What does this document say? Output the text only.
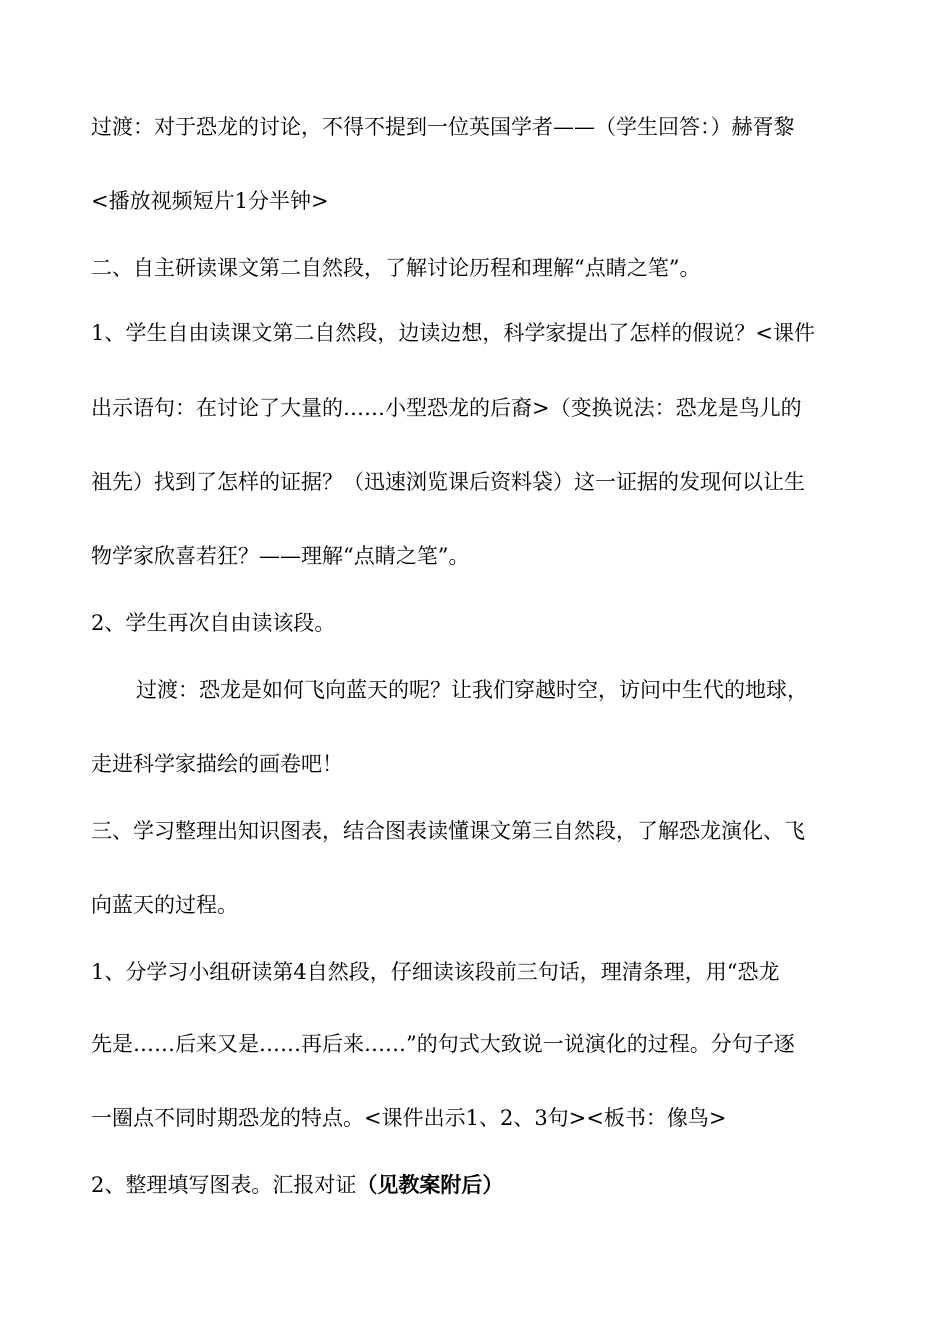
过渡：对于恐龙的讨论，不得不提到一位英国学者——（学生回答：）赫胥黎
<播放视频短片1分半钟>
二、自主研读课文第二自然段，了解讨论历程和理解“点睛之笔”。
1、学生自由读课文第二自然段，边读边想，科学家提出了怎样的假说？<课件
出示语句：在讨论了大量的……小型恐龙的后裔>（变换说法：恐龙是鸟儿的
祖先）找到了怎样的证据？（迅速浏览课后资料袋）这一证据的发现何以让生
物学家欣喜若狂？——理解“点睛之笔”。
2、学生再次自由读该段。
过渡：恐龙是如何飞向蓝天的呢？让我们穿越时空，访问中生代的地球，
走进科学家描绘的画卷吧！
三、学习整理出知识图表，结合图表读懂课文第三自然段，了解恐龙演化、飞
向蓝天的过程。
1、分学习小组研读第4自然段，仔细读该段前三句话，理清条理，用“恐龙
先是……后来又是……再后来……”的句式大致说一说演化的过程。分句子逐
一圈点不同时期恐龙的特点。<课件出示1、2、3句><板书：像鸟>
2、整理填写图表。汇报对证（见教案附后）
